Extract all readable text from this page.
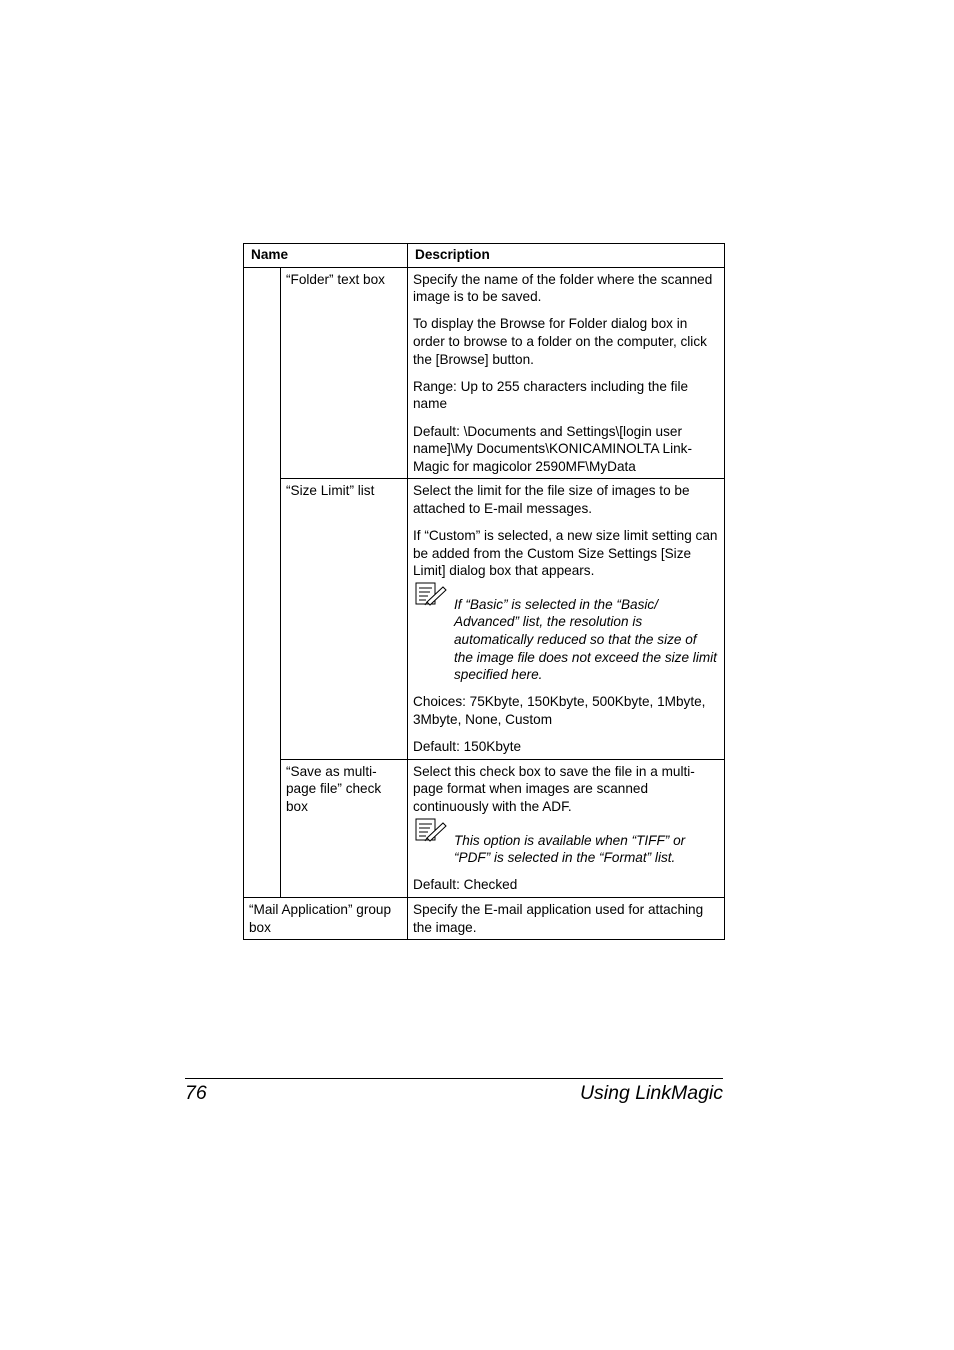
Name		Description
	“Folder” text box	Specify the name of the folder where the scanned image is to be saved.

To display the Browse for Folder dialog box in order to browse to a folder on the computer, click the [Browse] button.

Range: Up to 255 characters including the file name

Default: \Documents and Settings\[login user name]\My Documents\KONICAMINOLTA Link-Magic for magicolor 2590MF\MyData

	“Size Limit” list	Select the limit for the file size of images to be attached to E-mail messages.

If “Custom” is selected, a new size limit setting can be added from the Custom Size Settings [Size Limit] dialog box that appears.

If “Basic” is selected in the “Basic/ Advanced” list, the resolution is automatically reduced so that the size of the image file does not exceed the size limit specified here.

Choices: 75Kbyte, 150Kbyte, 500Kbyte, 1Mbyte, 3Mbyte, None, Custom

Default: 150Kbyte

	“Save as multi-page file” check box	Select this check box to save the file in a multi-page format when images are scanned continuously with the ADF.

This option is available when “TIFF” or “PDF” is selected in the “Format” list.

Default: Checked

“Mail Application” group box		Specify the E-mail application used for attaching the image.

76	Using LinkMagic
